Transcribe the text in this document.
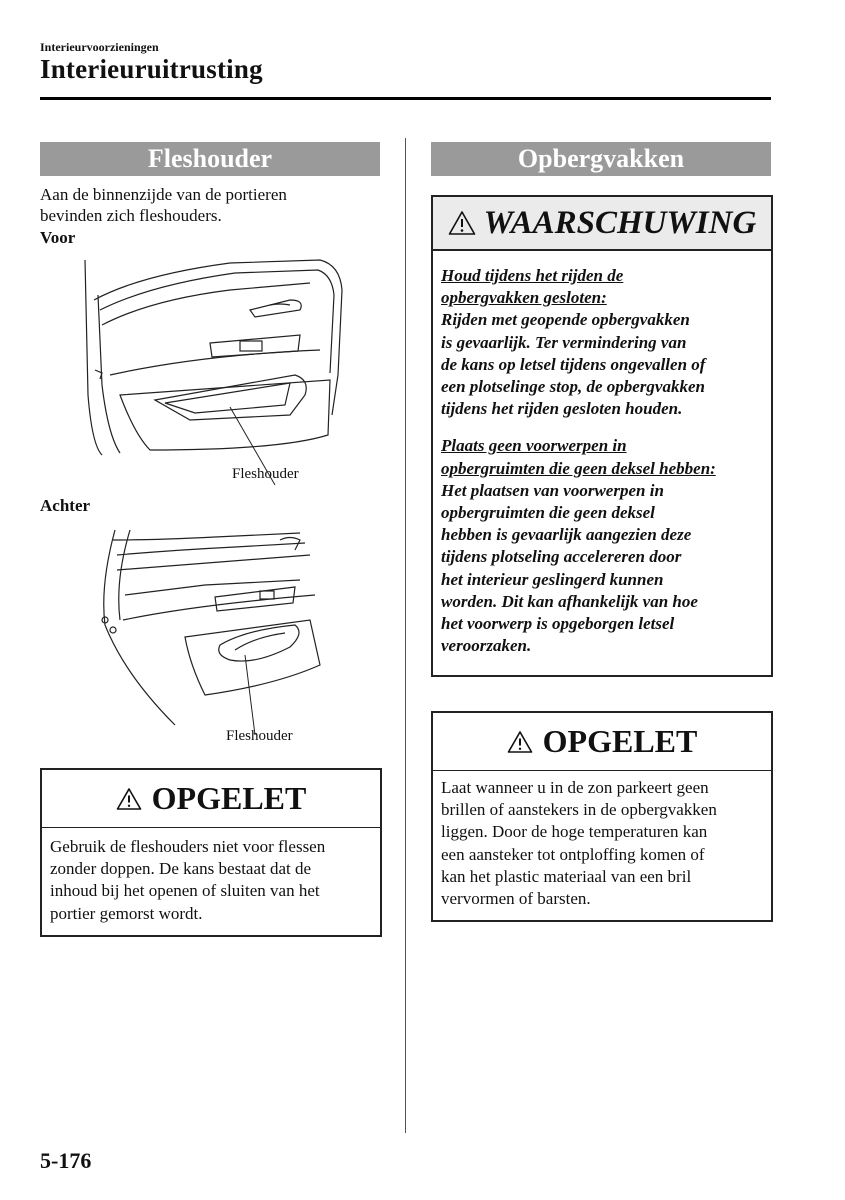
Interieurvoorzieningen
Interieuruitrusting
Fleshouder
Aan de binnenzijde van de portieren
bevinden zich fleshouders.
Voor
Fleshouder
Achter
Fleshouder
OPGELET
Gebruik de fleshouders niet voor flessen
zonder doppen. De kans bestaat dat de
inhoud bij het openen of sluiten van het
portier gemorst wordt.
Opbergvakken
WAARSCHUWING
Houd tijdens het rijden de
opbergvakken gesloten:
Rijden met geopende opbergvakken
is gevaarlijk. Ter vermindering van
de kans op letsel tijdens ongevallen of
een plotselinge stop, de opbergvakken
tijdens het rijden gesloten houden.
Plaats geen voorwerpen in
opbergruimten die geen deksel hebben:
Het plaatsen van voorwerpen in
opbergruimten die geen deksel
hebben is gevaarlijk aangezien deze
tijdens plotseling accelereren door
het interieur geslingerd kunnen
worden. Dit kan afhankelijk van hoe
het voorwerp is opgeborgen letsel
veroorzaken.
OPGELET
Laat wanneer u in de zon parkeert geen
brillen of aanstekers in de opbergvakken
liggen. Door de hoge temperaturen kan
een aansteker tot ontploffing komen of
kan het plastic materiaal van een bril
vervormen of barsten.
5-176
